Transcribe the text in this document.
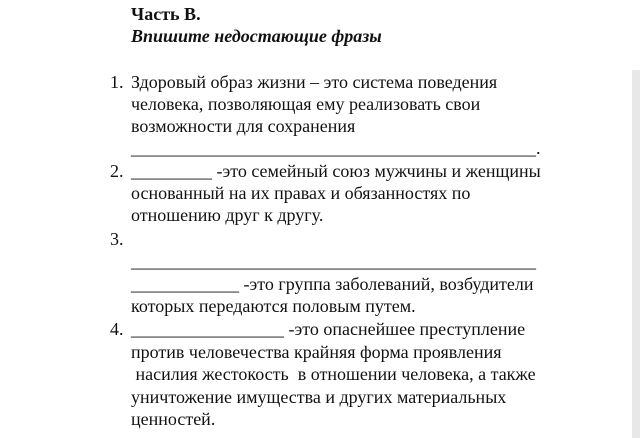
Часть В.
Впишите недостающие фразы
1. Здоровый образ жизни – это система поведения
человека, позволяющая ему реализовать свои
возможности для сохранения
_____________________________________________.
2. _________ -это семейный союз мужчины и женщины
основанный на их правах и обязанностях по
отношению друг к другу.
3.
_____________________________________________
____________ -это группа заболеваний, возбудители
которых передаются половым путем.
4. _________________ -это опаснейшее преступление
против человечества крайняя форма проявления
насилия жестокость  в отношении человека, а также
уничтожение имущества и других материальных
ценностей.
